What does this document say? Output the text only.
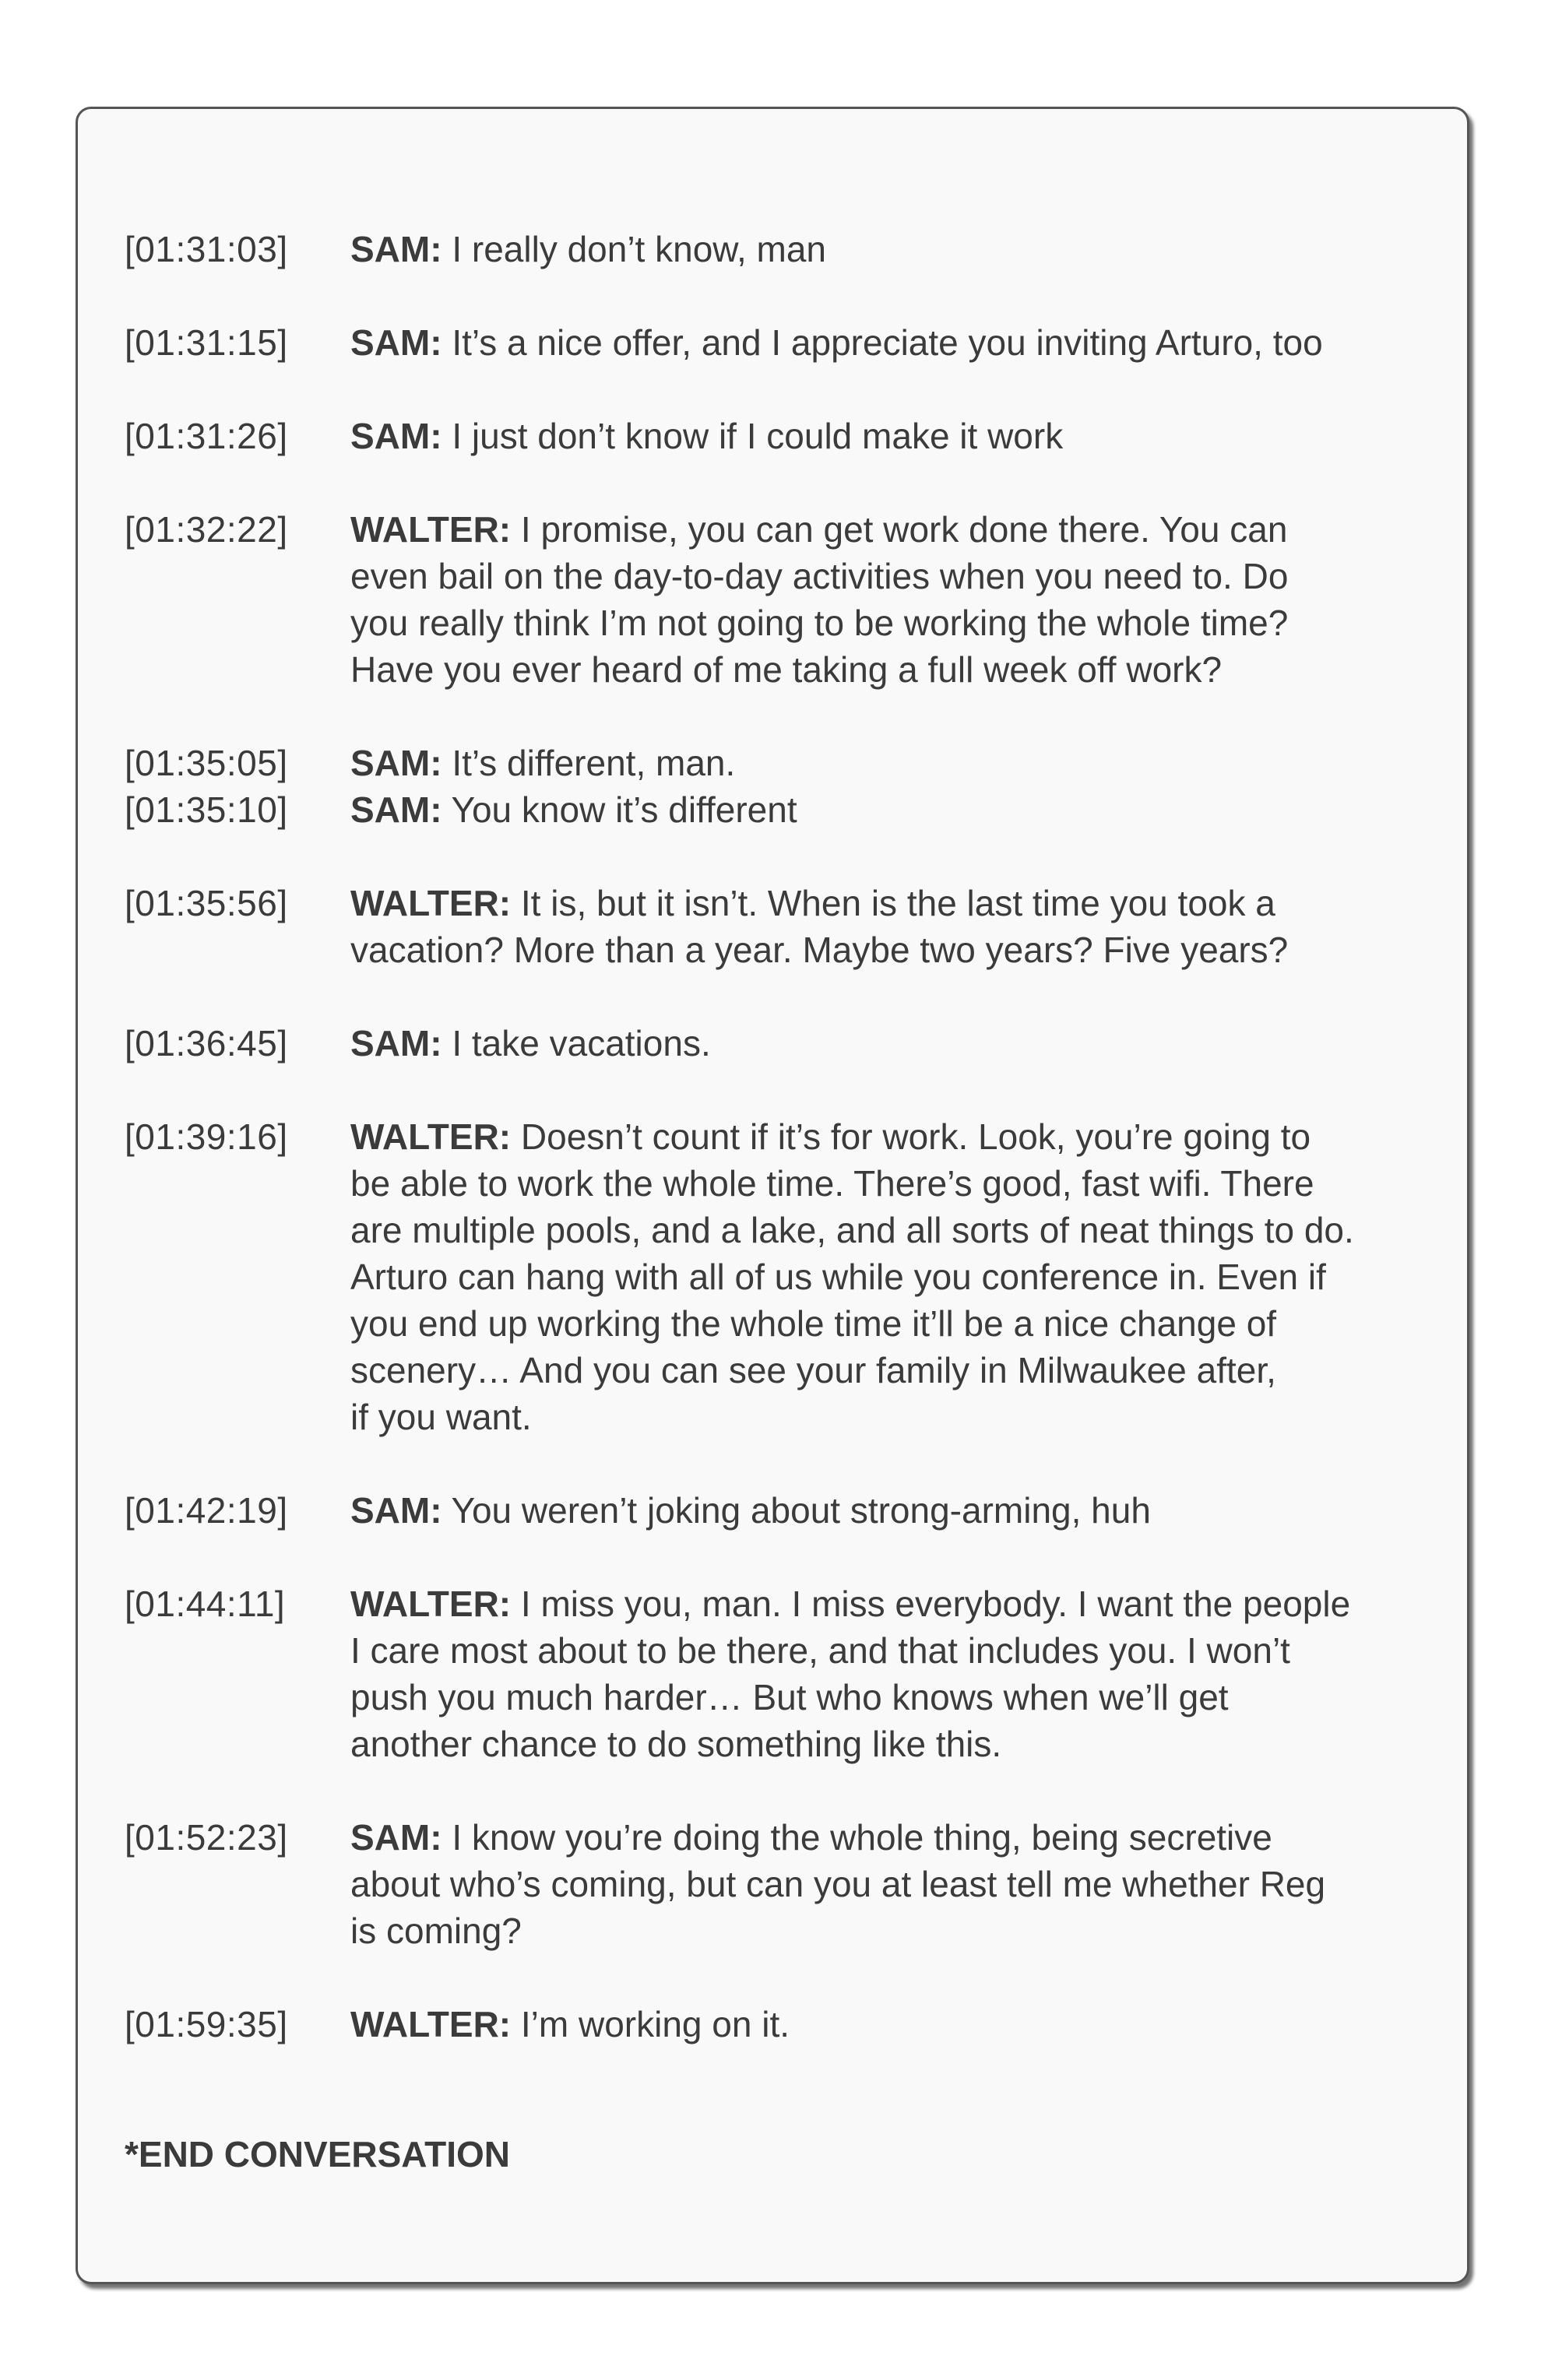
[01:31:03]	SAM: I really don’t know, man
[01:31:15]	SAM: It’s a nice offer, and I appreciate you inviting Arturo, too
[01:31:26]	SAM: I just don’t know if I could make it work
[01:32:22]	WALTER: I promise, you can get work done there. You can
even bail on the day-to-day activities when you need to. Do
you really think I’m not going to be working the whole time?
Have you ever heard of me taking a full week off work?
[01:35:05]	SAM: It’s different, man.
[01:35:10]	SAM: You know it’s different
[01:35:56]	WALTER: It is, but it isn’t. When is the last time you took a
vacation? More than a year. Maybe two years? Five years?
[01:36:45]	SAM: I take vacations.
[01:39:16]	WALTER: Doesn’t count if it’s for work. Look, you’re going to
be able to work the whole time. There’s good, fast wifi. There
are multiple pools, and a lake, and all sorts of neat things to do.
Arturo can hang with all of us while you conference in. Even if
you end up working the whole time it’ll be a nice change of
scenery… And you can see your family in Milwaukee after,
if you want.
[01:42:19]	SAM: You weren’t joking about strong-arming, huh
[01:44:11]	WALTER: I miss you, man. I miss everybody. I want the people
I care most about to be there, and that includes you. I won’t
push you much harder… But who knows when we’ll get
another chance to do something like this.
[01:52:23]	SAM: I know you’re doing the whole thing, being secretive
about who’s coming, but can you at least tell me whether Reg
is coming?
[01:59:35]	WALTER: I’m working on it.
*END CONVERSATION
